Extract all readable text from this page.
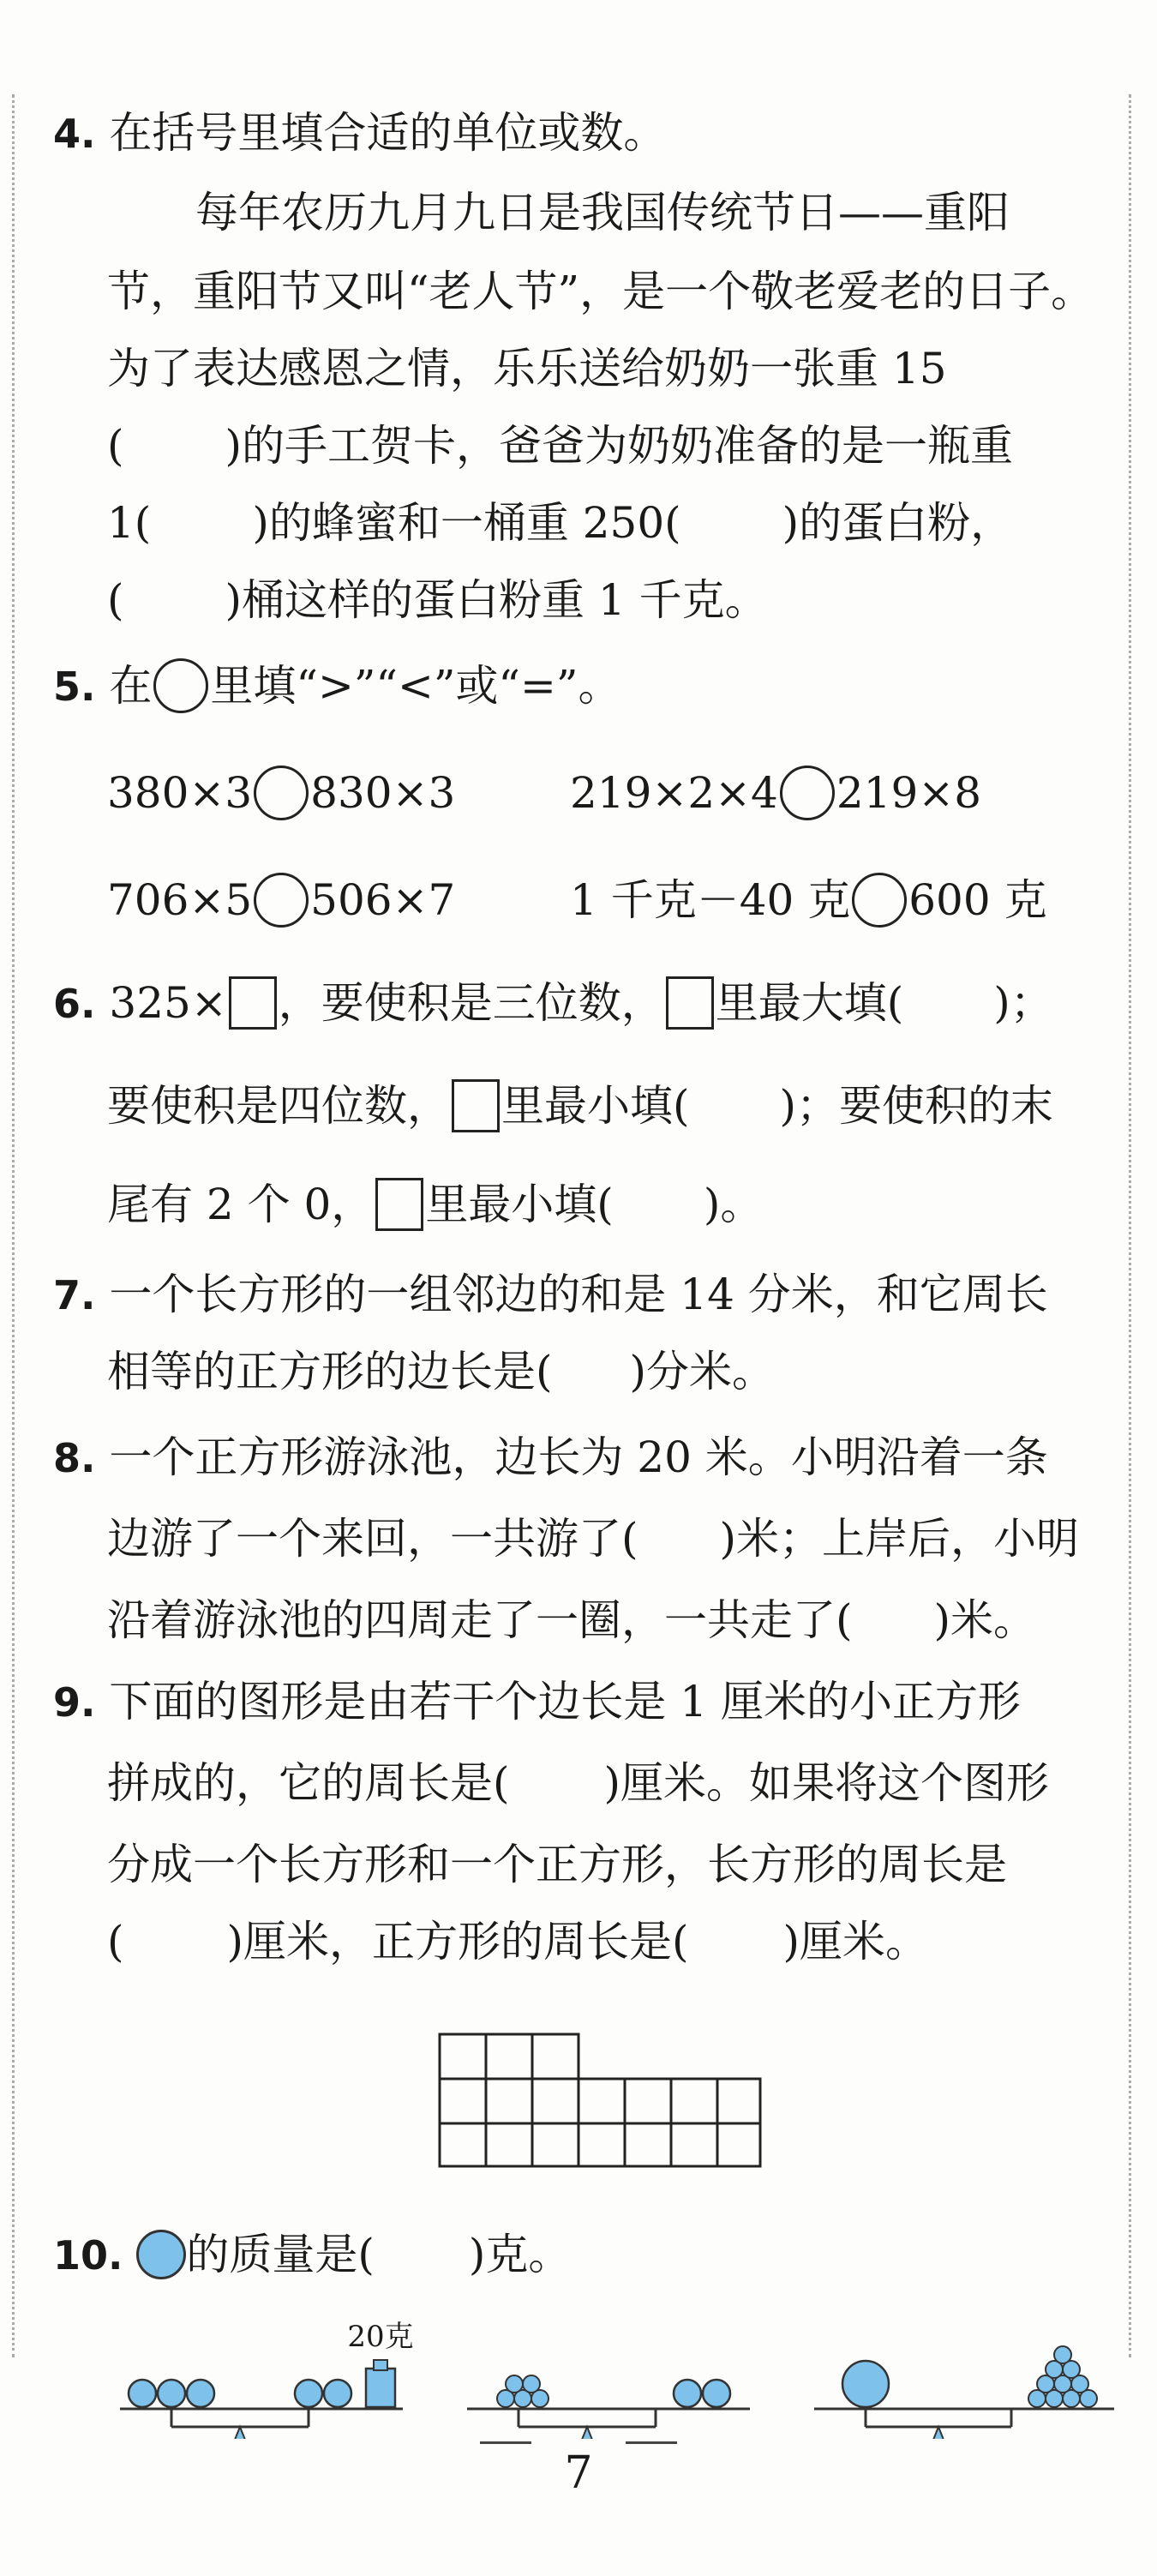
4. 在括号里填合适的单位或数。
每年农历九月九日是我国传统节日——重阳
节，重阳节又叫“老人节”，是一个敬老爱老的日子。
为了表达感恩之情，乐乐送给奶奶一张重 15
( )的手工贺卡，爸爸为奶奶准备的是一瓶重
1( )的蜂蜜和一桶重 250( )的蛋白粉，
( )桶这样的蛋白粉重 1 千克。
5. 在 里填“>”“<”或“=”。
380×3 830×3	219×2×4 219×8
706×5 506×7	1 千克－40 克 600 克
6. 325× ，要使积是三位数， 里最大填( )；
要使积是四位数， 里最小填( )；要使积的末
尾有 2 个 0， 里最小填( )。
7. 一个长方形的一组邻边的和是 14 分米，和它周长
相等的正方形的边长是( )分米。
8. 一个正方形游泳池，边长为 20 米。小明沿着一条
边游了一个来回，一共游了( )米；上岸后，小明
沿着游泳池的四周走了一圈，一共走了( )米。
9. 下面的图形是由若干个边长是 1 厘米的小正方形
拼成的，它的周长是( )厘米。如果将这个图形
分成一个长方形和一个正方形，长方形的周长是
( )厘米，正方形的周长是( )厘米。
10. 的质量是( )克。
20克
7
